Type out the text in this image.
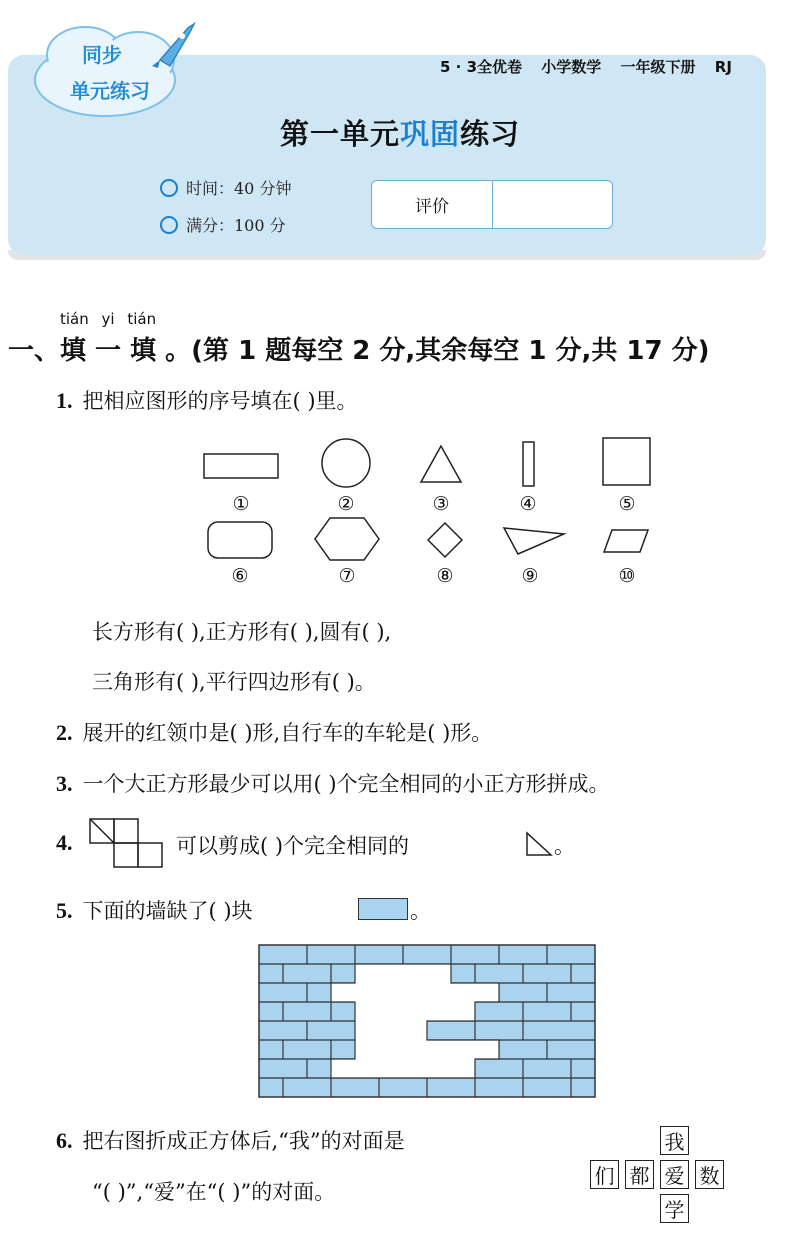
同步
单元练习
5 · 3全优卷 小学数学 一年级下册 RJ
第一单元巩固练习
时间：40 分钟
满分：100 分
评价
tián yi tián
一、填 一 填 。(第 1 题每空 2 分,其余每空 1 分,共 17 分)
1. 把相应图形的序号填在( )里。
①	②	③	④	⑤
⑥	⑦	⑧	⑨	⑩
长方形有( ),正方形有( ),圆有( ),
三角形有( ),平行四边形有( )。
2. 展开的红领巾是( )形,自行车的车轮是( )形。
3. 一个大正方形最少可以用( )个完全相同的小正方形拼成。
4.	可以剪成( )个完全相同的	。
5. 下面的墙缺了( )块	。
6. 把右图折成正方体后,“我”的对面是
“( )”,“爱”在“( )”的对面。
我
们 都 爱 数
学
